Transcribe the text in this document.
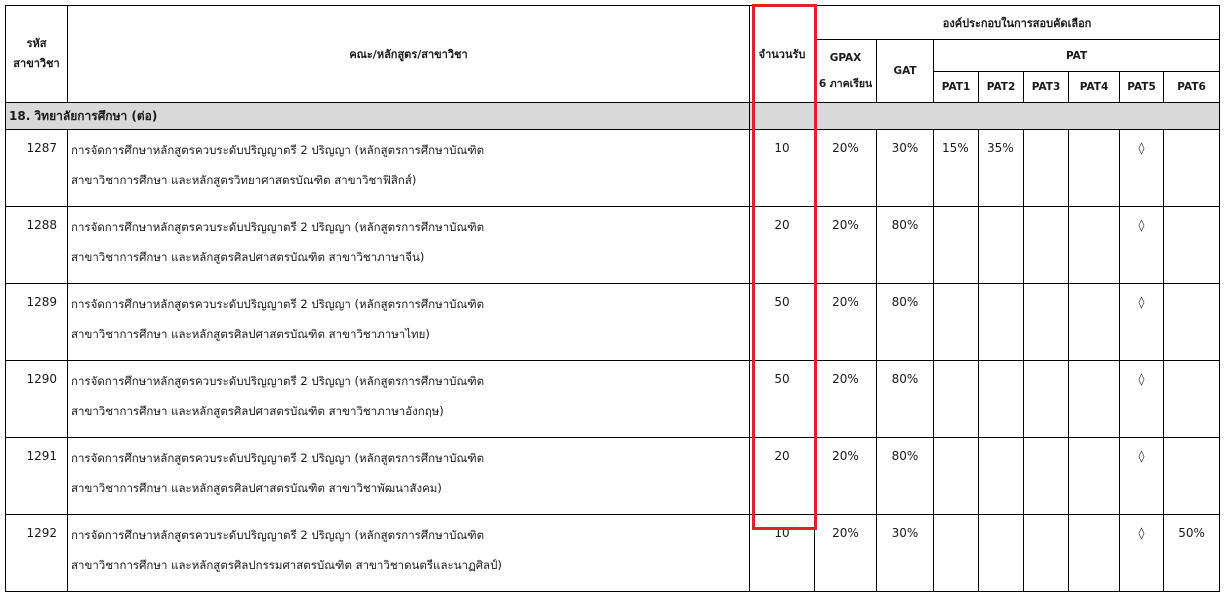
รหัส
สาขาวิชา	คณะ/หลักสูตร/สาขาวิชา	จำนวนรับ	องค์ประกอบในการสอบคัดเลือก							

			GPAX
6 ภาคเรียน	GAT	PAT					
					PAT1	PAT2	PAT3	PAT4	PAT5	PAT6
18. วิทยาลัยการศึกษา (ต่อ)										
1287	การจัดการศึกษาหลักสูตรควบระดับปริญญาตรี 2 ปริญญา (หลักสูตรการศึกษาบัณฑิต
สาขาวิชาการศึกษา และหลักสูตรวิทยาศาสตรบัณฑิต สาขาวิชาฟิสิกส์)	10	20%	30%	15%	35%			◊	
1288	การจัดการศึกษาหลักสูตรควบระดับปริญญาตรี 2 ปริญญา (หลักสูตรการศึกษาบัณฑิต
สาขาวิชาการศึกษา และหลักสูตรศิลปศาสตรบัณฑิต สาขาวิชาภาษาจีน)	20	20%	80%					◊	
1289	การจัดการศึกษาหลักสูตรควบระดับปริญญาตรี 2 ปริญญา (หลักสูตรการศึกษาบัณฑิต
สาขาวิชาการศึกษา และหลักสูตรศิลปศาสตรบัณฑิต สาขาวิชาภาษาไทย)	50	20%	80%					◊	
1290	การจัดการศึกษาหลักสูตรควบระดับปริญญาตรี 2 ปริญญา (หลักสูตรการศึกษาบัณฑิต
สาขาวิชาการศึกษา และหลักสูตรศิลปศาสตรบัณฑิต สาขาวิชาภาษาอังกฤษ)	50	20%	80%					◊	
1291	การจัดการศึกษาหลักสูตรควบระดับปริญญาตรี 2 ปริญญา (หลักสูตรการศึกษาบัณฑิต
สาขาวิชาการศึกษา และหลักสูตรศิลปศาสตรบัณฑิต สาขาวิชาพัฒนาสังคม)	20	20%	80%					◊	
1292	การจัดการศึกษาหลักสูตรควบระดับปริญญาตรี 2 ปริญญา (หลักสูตรการศึกษาบัณฑิต
สาขาวิชาการศึกษา และหลักสูตรศิลปกรรมศาสตรบัณฑิต สาขาวิชาดนตรีและนาฏศิลป์)	10	20%	30%					◊	50%
